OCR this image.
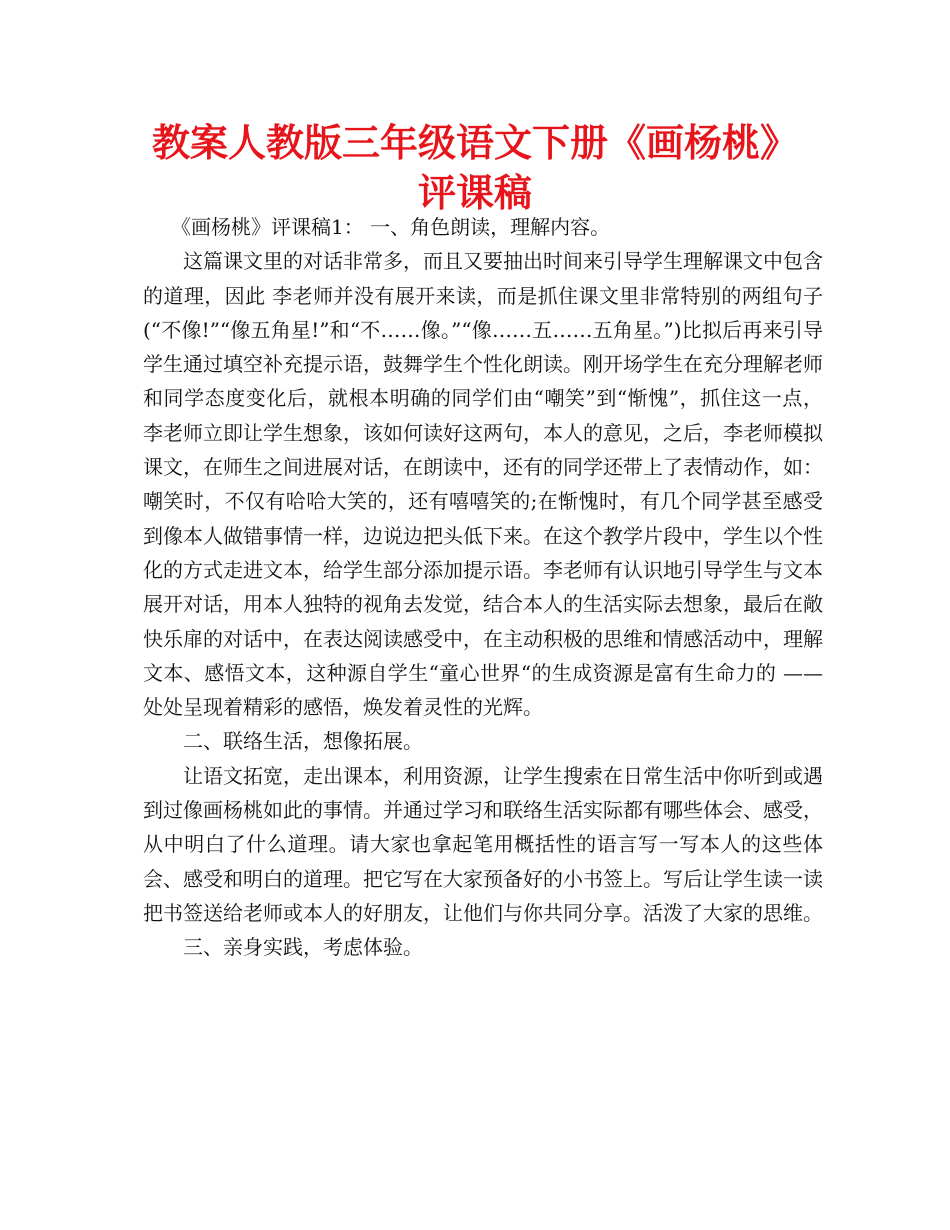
教案人教版三年级语文下册《画杨桃》评课稿

《画杨桃》评课稿1： 一、角色朗读，理解内容。

这篇课文里的对话非常多，而且又要抽出时间来引导学生理解课文中包含的道理，因此 李老师并没有展开来读，而是抓住课文里非常特别的两组句子(“不像!”“像五角星!”和“不……像。”“像……五……五角星。”)比拟后再来引导学生通过填空补充提示语，鼓舞学生个性化朗读。刚开场学生在充分理解老师和同学态度变化后，就根本明确的同学们由“嘲笑”到“惭愧”，抓住这一点，李老师立即让学生想象，该如何读好这两句，本人的意见，之后，李老师模拟课文，在师生之间进展对话，在朗读中，还有的同学还带上了表情动作，如：嘲笑时，不仅有哈哈大笑的，还有嘻嘻笑的;在惭愧时，有几个同学甚至感受到像本人做错事情一样，边说边把头低下来。在这个教学片段中，学生以个性化的方式走进文本，给学生部分添加提示语。李老师有认识地引导学生与文本展开对话，用本人独特的视角去发觉，结合本人的生活实际去想象，最后在敞快乐扉的对话中，在表达阅读感受中，在主动积极的思维和情感活动中，理解文本、感悟文本，这种源自学生“童心世界“的生成资源是富有生命力的 —— 处处呈现着精彩的感悟，焕发着灵性的光辉。

二、联络生活，想像拓展。

让语文拓宽，走出课本，利用资源，让学生搜索在日常生活中你听到或遇到过像画杨桃如此的事情。并通过学习和联络生活实际都有哪些体会、感受，从中明白了什么道理。请大家也拿起笔用概括性的语言写一写本人的这些体会、感受和明白的道理。把它写在大家预备好的小书签上。写后让学生读一读把书签送给老师或本人的好朋友，让他们与你共同分享。活泼了大家的思维。

三、亲身实践，考虑体验。
